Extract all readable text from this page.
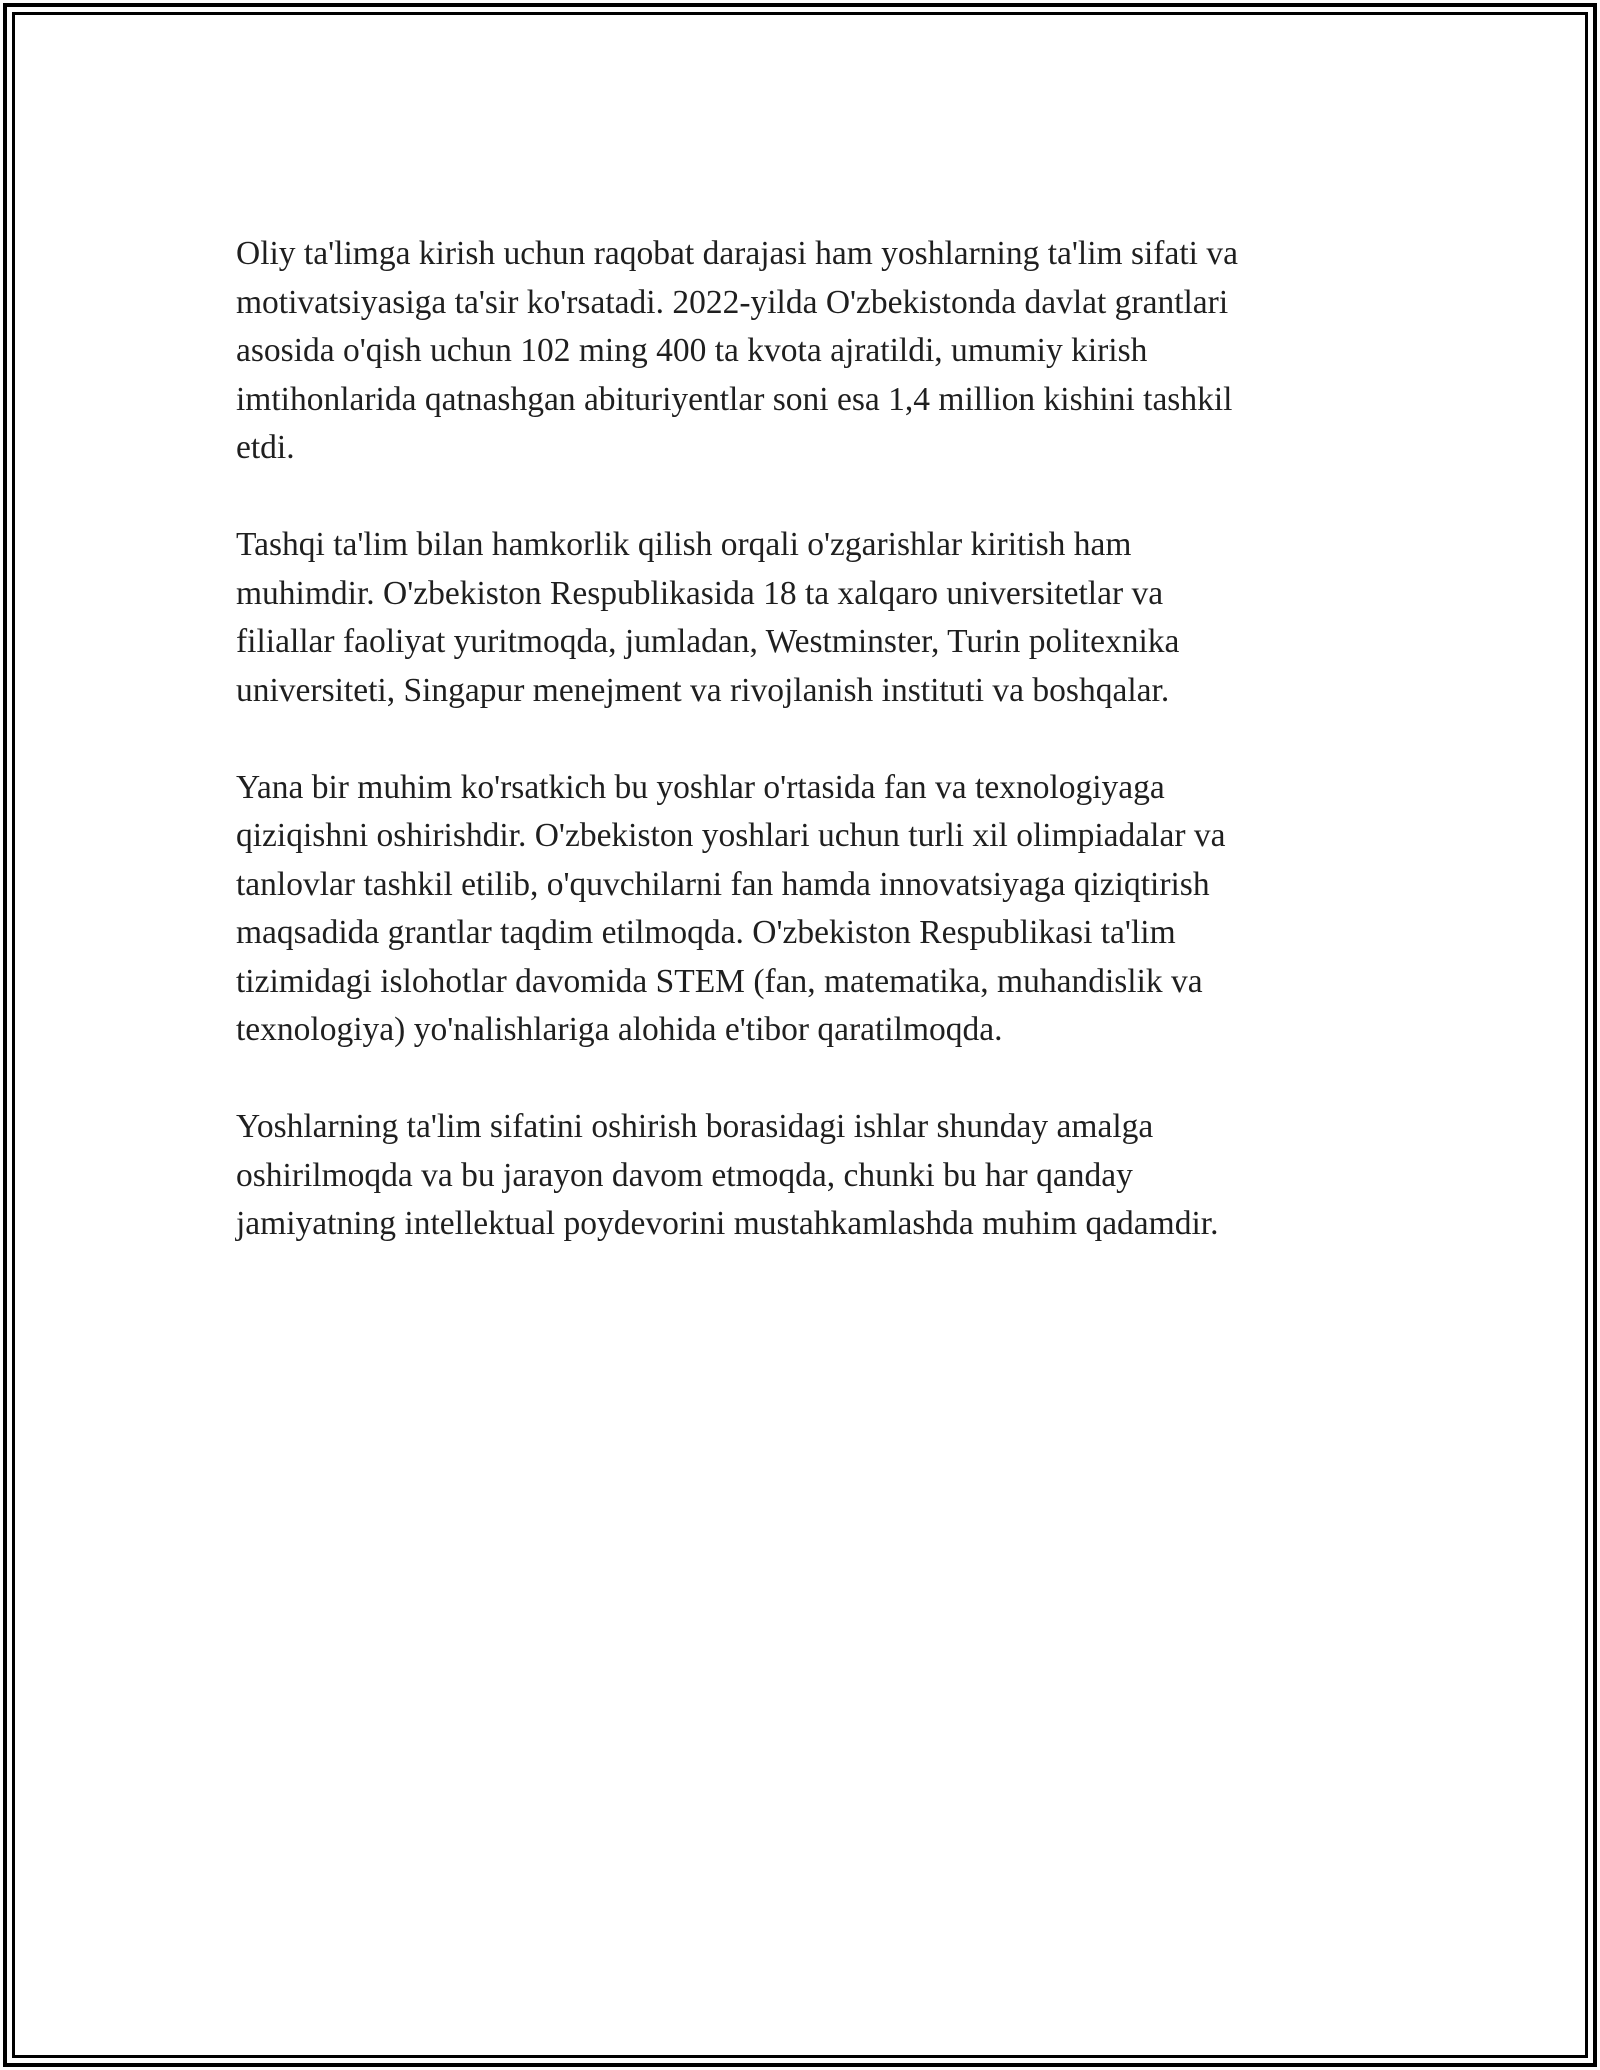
Oliy ta'limga kirish uchun raqobat darajasi ham yoshlarning ta'lim sifati va
motivatsiyasiga ta'sir ko'rsatadi. 2022-yilda O'zbekistonda davlat grantlari
asosida o'qish uchun 102 ming 400 ta kvota ajratildi, umumiy kirish
imtihonlarida qatnashgan abituriyentlar soni esa 1,4 million kishini tashkil
etdi.

Tashqi ta'lim bilan hamkorlik qilish orqali o'zgarishlar kiritish ham
muhimdir. O'zbekiston Respublikasida 18 ta xalqaro universitetlar va
filiallar faoliyat yuritmoqda, jumladan, Westminster, Turin politexnika
universiteti, Singapur menejment va rivojlanish instituti va boshqalar.

Yana bir muhim ko'rsatkich bu yoshlar o'rtasida fan va texnologiyaga
qiziqishni oshirishdir. O'zbekiston yoshlari uchun turli xil olimpiadalar va
tanlovlar tashkil etilib, o'quvchilarni fan hamda innovatsiyaga qiziqtirish
maqsadida grantlar taqdim etilmoqda. O'zbekiston Respublikasi ta'lim
tizimidagi islohotlar davomida STEM (fan, matematika, muhandislik va
texnologiya) yo'nalishlariga alohida e'tibor qaratilmoqda.

Yoshlarning ta'lim sifatini oshirish borasidagi ishlar shunday amalga
oshirilmoqda va bu jarayon davom etmoqda, chunki bu har qanday
jamiyatning intellektual poydevorini mustahkamlashda muhim qadamdir.
